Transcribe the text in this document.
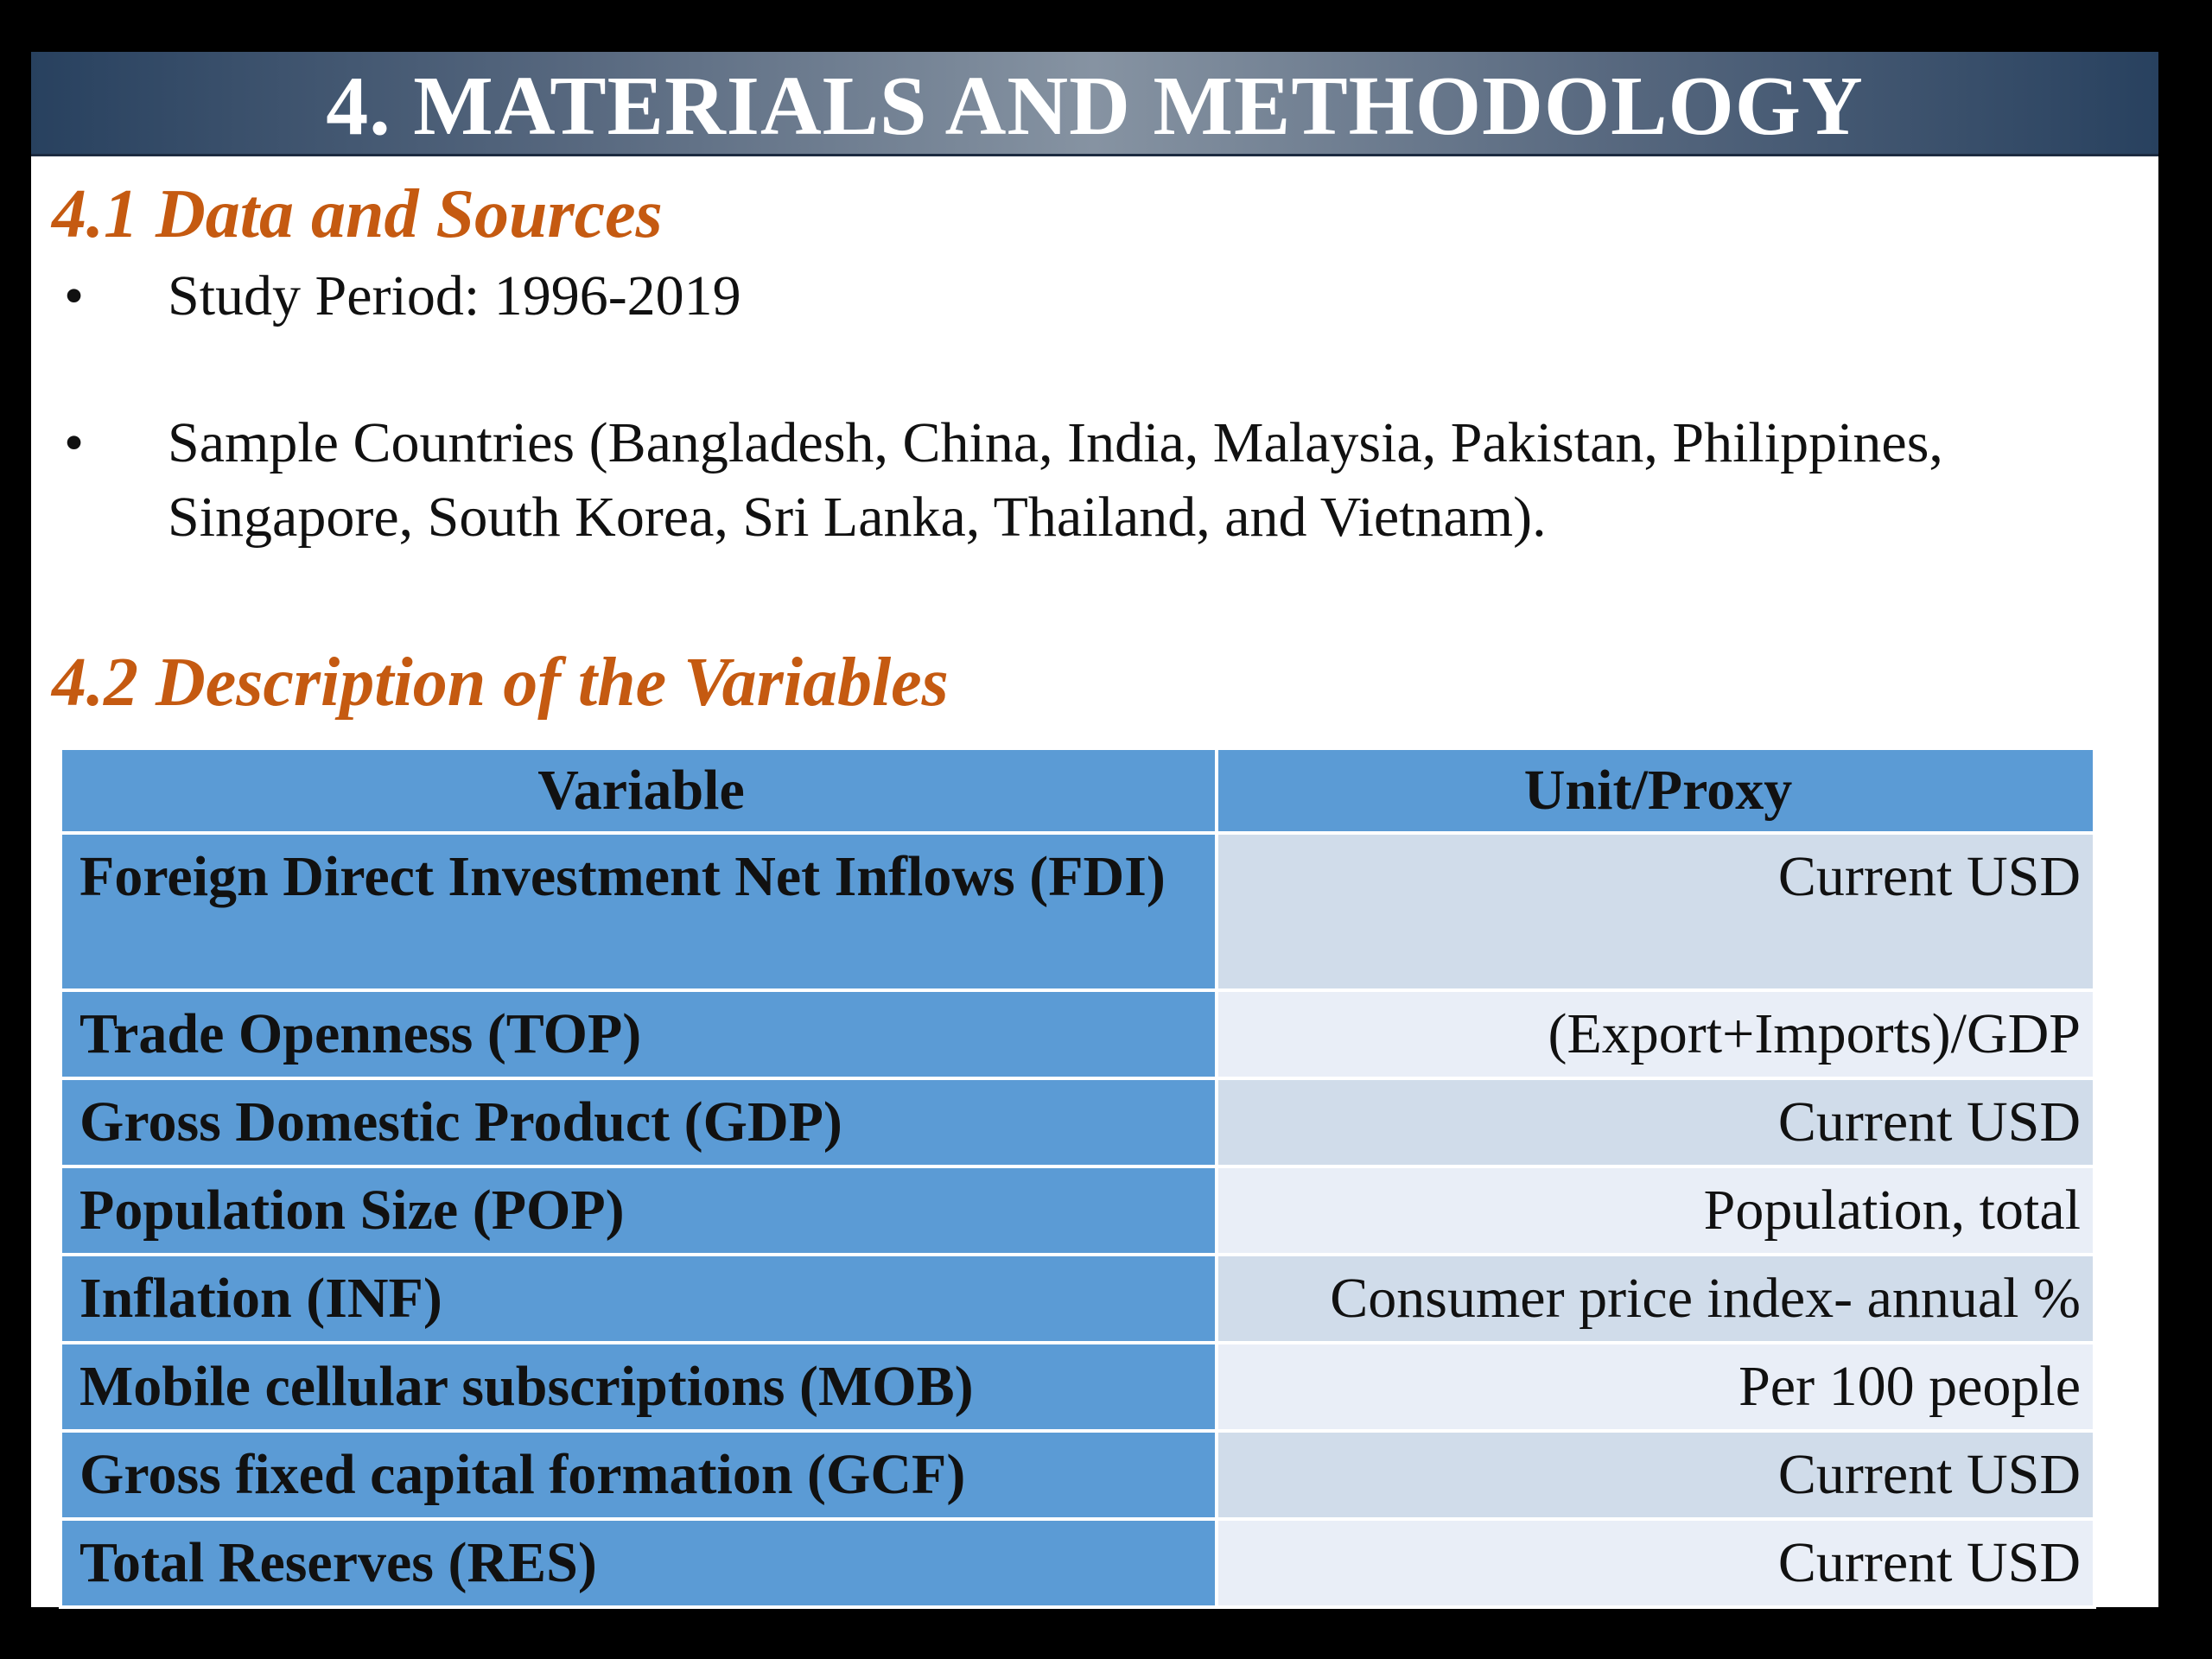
4. MATERIALS AND METHODOLOGY
4.1 Data and Sources
• Study Period: 1996-2019
• Sample Countries (Bangladesh, China, India, Malaysia, Pakistan, Philippines, Singapore, South Korea, Sri Lanka, Thailand, and Vietnam).
4.2 Description of the Variables
Variable	Unit/Proxy
Foreign Direct Investment Net Inflows (FDI)	Current USD
Trade Openness (TOP)	(Export+Imports)/GDP
Gross Domestic Product (GDP)	Current USD
Population Size (POP)	Population, total
Inflation (INF)	Consumer price index- annual %
Mobile cellular subscriptions (MOB)	Per 100 people
Gross fixed capital formation (GCF)	Current USD
Total Reserves (RES)	Current USD
